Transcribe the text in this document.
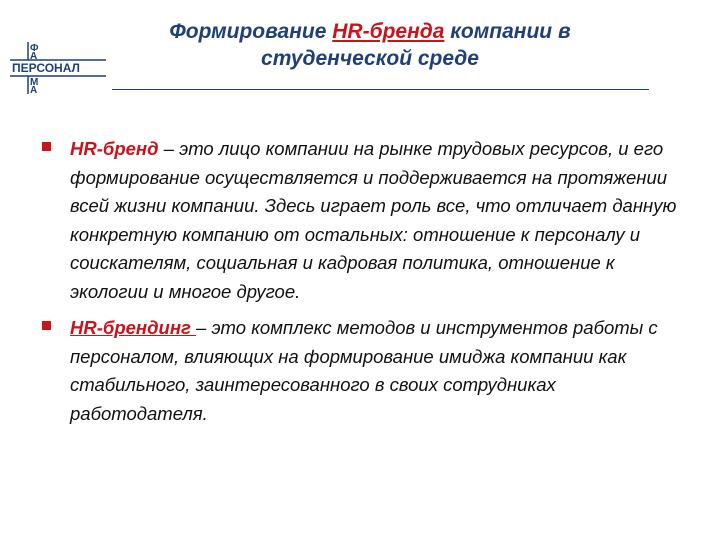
Ф
А
ПЕРСОНАЛ
М
А
Формирование HR-бренда компании в студенческой среде
HR-бренд – это лицо компании на рынке трудовых ресурсов, и его формирование осуществляется и поддерживается на протяжении всей жизни компании. Здесь играет роль все, что отличает данную конкретную компанию от остальных: отношение к персоналу и соискателям, социальная и кадровая политика, отношение к экологии и многое другое.
HR-брендинг – это комплекс методов и инструментов работы с персоналом, влияющих на формирование имиджа компании как стабильного, заинтересованного в своих сотрудниках работодателя.
